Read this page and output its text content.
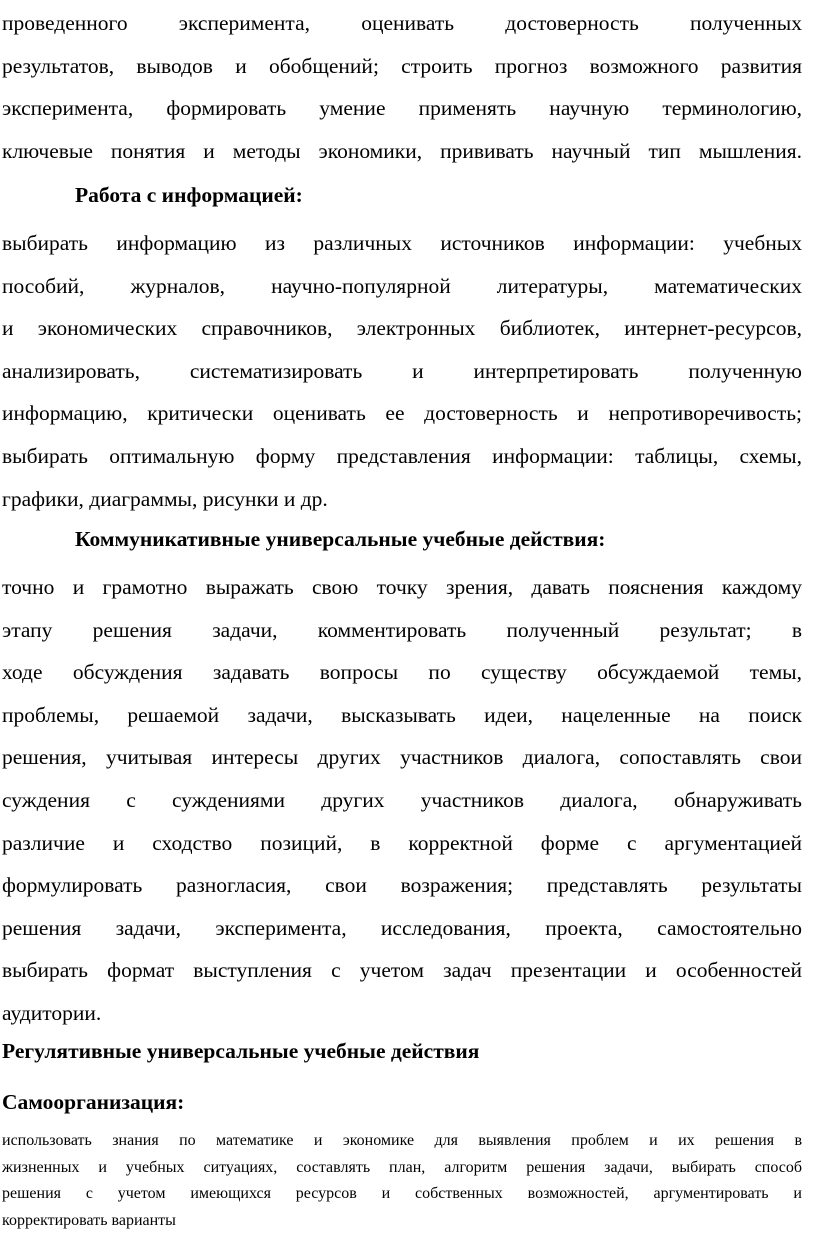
проведенного эксперимента, оценивать достоверность полученных
результатов, выводов и обобщений; строить прогноз возможного развития
эксперимента, формировать умение применять научную терминологию,
ключевые понятия и методы экономики, прививать научный тип мышления.
Работа с информацией:
выбирать информацию из различных источников информации: учебных
пособий, журналов, научно-популярной литературы, математических
и экономических справочников, электронных библиотек, интернет-ресурсов,
анализировать, систематизировать и интерпретировать полученную
информацию, критически оценивать ее достоверность и непротиворечивость;
выбирать оптимальную форму представления информации: таблицы, схемы,
графики, диаграммы, рисунки и др.
Коммуникативные универсальные учебные действия:
точно и грамотно выражать свою точку зрения, давать пояснения каждому
этапу решения задачи, комментировать полученный результат; в
ходе обсуждения задавать вопросы по существу обсуждаемой темы,
проблемы, решаемой задачи, высказывать идеи, нацеленные на поиск
решения, учитывая интересы других участников диалога, сопоставлять свои
суждения с суждениями других участников диалога, обнаруживать
различие и сходство позиций, в корректной форме с аргументацией
формулировать разногласия, свои возражения; представлять результаты
решения задачи, эксперимента, исследования, проекта, самостоятельно
выбирать формат выступления с учетом задач презентации и особенностей
аудитории.
Регулятивные универсальные учебные действия
Самоорганизация:
использовать знания по математике и экономике для выявления проблем и их решения в
жизненных и учебных ситуациях, составлять план, алгоритм решения задачи, выбирать способ
решения с учетом имеющихся ресурсов и собственных возможностей, аргументировать и
корректировать варианты
